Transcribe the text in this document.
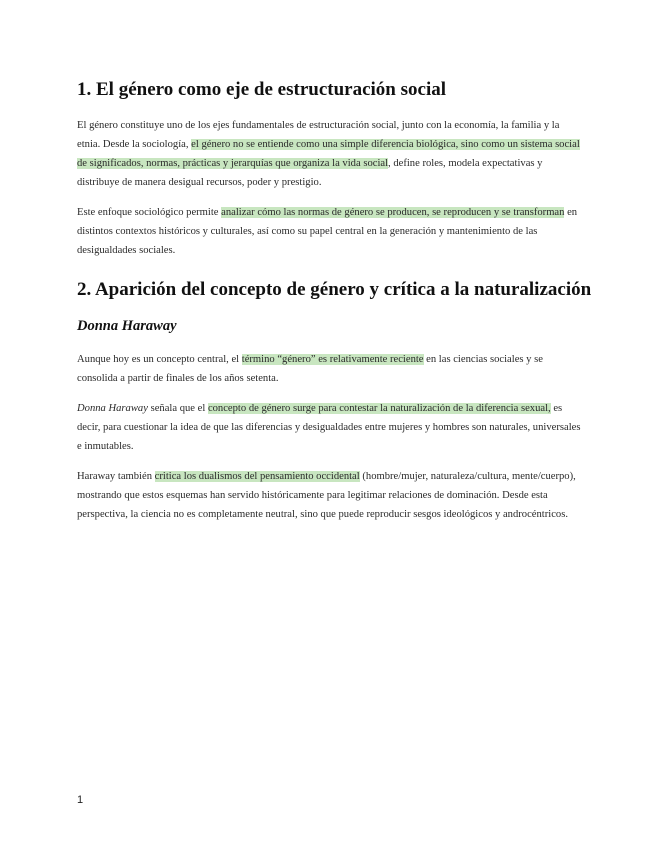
1. El género como eje de estructuración social

El género constituye uno de los ejes fundamentales de estructuración social, junto con la economía, la familia y la etnia. Desde la sociología, el género no se entiende como una simple diferencia biológica, sino como un sistema social de significados, normas, prácticas y jerarquías que organiza la vida social, define roles, modela expectativas y distribuye de manera desigual recursos, poder y prestigio.

Este enfoque sociológico permite analizar cómo las normas de género se producen, se reproducen y se transforman en distintos contextos históricos y culturales, así como su papel central en la generación y mantenimiento de las desigualdades sociales.

2. Aparición del concepto de género y crítica a la naturalización
Donna Haraway

Aunque hoy es un concepto central, el término “género” es relativamente reciente en las ciencias sociales y se consolida a partir de finales de los años setenta.

Donna Haraway señala que el concepto de género surge para contestar la naturalización de la diferencia sexual, es decir, para cuestionar la idea de que las diferencias y desigualdades entre mujeres y hombres son naturales, universales e inmutables.

Haraway también critica los dualismos del pensamiento occidental (hombre/mujer, naturaleza/cultura, mente/cuerpo), mostrando que estos esquemas han servido históricamente para legitimar relaciones de dominación. Desde esta perspectiva, la ciencia no es completamente neutral, sino que puede reproducir sesgos ideológicos y androcéntricos.

1
